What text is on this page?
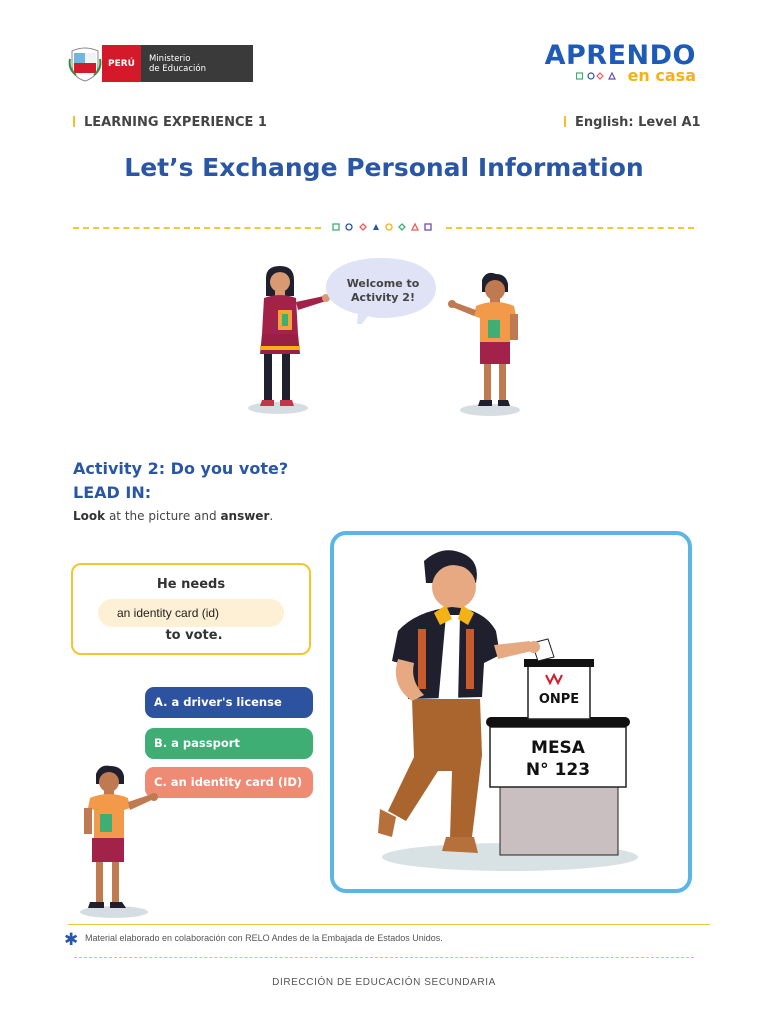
PERÚ Ministerio
de Educación	APRENDO
en casa
LEARNING EXPERIENCE 1	English: Level A1
Let’s Exchange Personal Information
Welcome to
Activity 2!
Activity 2: Do you vote?
LEAD IN:
Look at the picture and answer.
He needs
an identity card (id)
to vote.
A. a driver's license
B. a passport
C. an identity card (ID)
MESA
N° 123
ONPE
✱ Material elaborado en colaboración con RELO Andes de la Embajada de Estados Unidos.
DIRECCIÓN DE EDUCACIÓN SECUNDARIA
